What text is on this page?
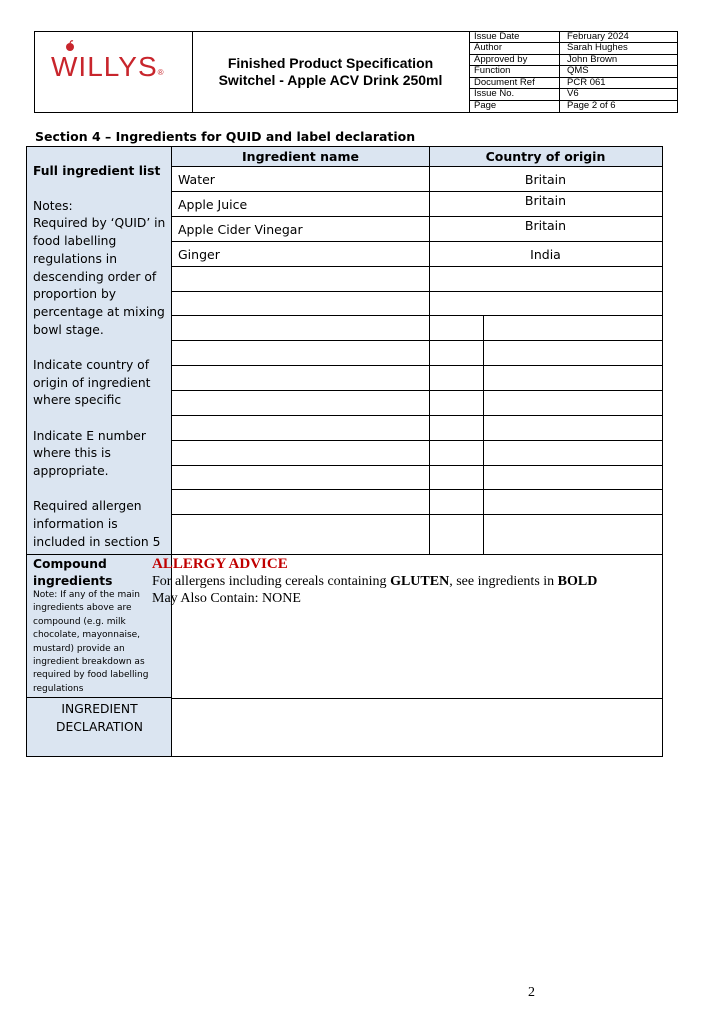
WILLYS®
Finished Product Specification
Switchel - Apple ACV Drink 250ml
Issue Date	February 2024
Author	Sarah Hughes
Approved by	John Brown
Function	QMS
Document Ref	PCR 061
Issue No.	V6
Page	Page 2 of 6
Section 4 – Ingredients for QUID and label declaration
Full ingredient list

Notes:
Required by ‘QUID’ in food labelling regulations in descending order of proportion by percentage at mixing bowl stage.

Indicate country of origin of ingredient where specific

Indicate E number where this is appropriate.

Required allergen information is included in section 5

Compound ingredients
Note: If any of the main ingredients above are compound (e.g. milk chocolate, mayonnaise, mustard) provide an ingredient breakdown as required by food labelling regulations
INGREDIENT DECLARATION
Ingredient name	Country of origin
Water	Britain
Apple Juice	Britain
Apple Cider Vinegar	Britain
Ginger	India
ALLERGY ADVICE
For allergens including cereals containing GLUTEN, see ingredients in BOLD
May Also Contain: NONE
2
